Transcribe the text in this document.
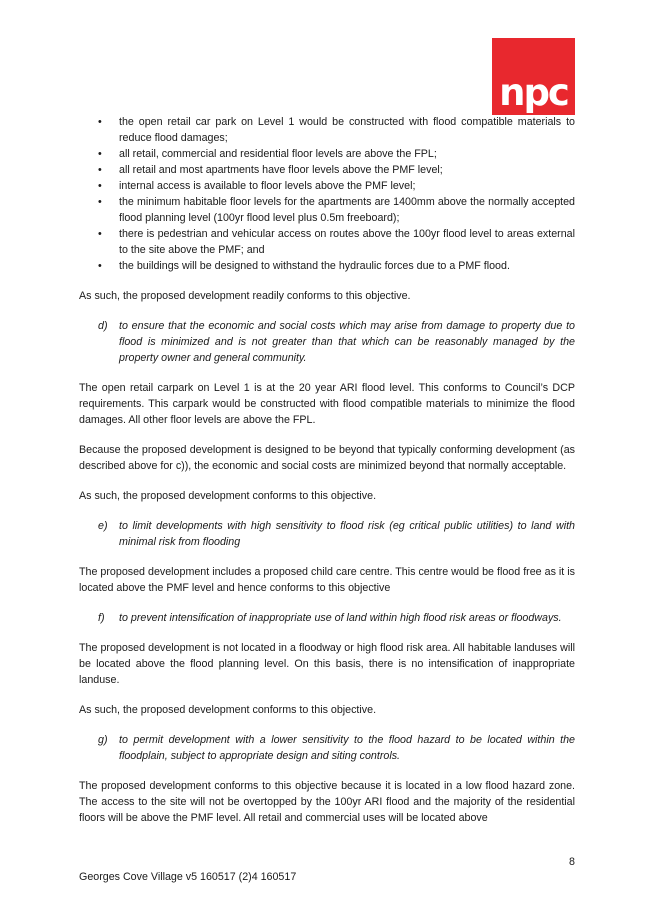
npc
• the open retail car park on Level 1 would be constructed with flood compatible materials to reduce flood damages;
• all retail, commercial and residential floor levels are above the FPL;
• all retail and most apartments have floor levels above the PMF level;
• internal access is available to floor levels above the PMF level;
• the minimum habitable floor levels for the apartments are 1400mm above the normally accepted flood planning level (100yr flood level plus 0.5m freeboard);
• there is pedestrian and vehicular access on routes above the 100yr flood level to areas external to the site above the PMF; and
• the buildings will be designed to withstand the hydraulic forces due to a PMF flood.

As such, the proposed development readily conforms to this objective.

d) to ensure that the economic and social costs which may arise from damage to property due to flood is minimized and is not greater than that which can be reasonably managed by the property owner and general community.

The open retail carpark on Level 1 is at the 20 year ARI flood level. This conforms to Council’s DCP requirements. This carpark would be constructed with flood compatible materials to minimize the flood damages. All other floor levels are above the FPL.

Because the proposed development is designed to be beyond that typically conforming development (as described above for c)), the economic and social costs are minimized beyond that normally acceptable.

As such, the proposed development conforms to this objective.

e) to limit developments with high sensitivity to flood risk (eg critical public utilities) to land with minimal risk from flooding

The proposed development includes a proposed child care centre. This centre would be flood free as it is located above the PMF level and hence conforms to this objective

f) to prevent intensification of inappropriate use of land within high flood risk areas or floodways.

The proposed development is not located in a floodway or high flood risk area. All habitable landuses will be located above the flood planning level. On this basis, there is no intensification of inappropriate landuse.

As such, the proposed development conforms to this objective.

g) to permit development with a lower sensitivity to the flood hazard to be located within the floodplain, subject to appropriate design and siting controls.

The proposed development conforms to this objective because it is located in a low flood hazard zone. The access to the site will not be overtopped by the 100yr ARI flood and the majority of the residential floors will be above the PMF level. All retail and commercial uses will be located above

8
Georges Cove Village v5 160517 (2)4 160517
